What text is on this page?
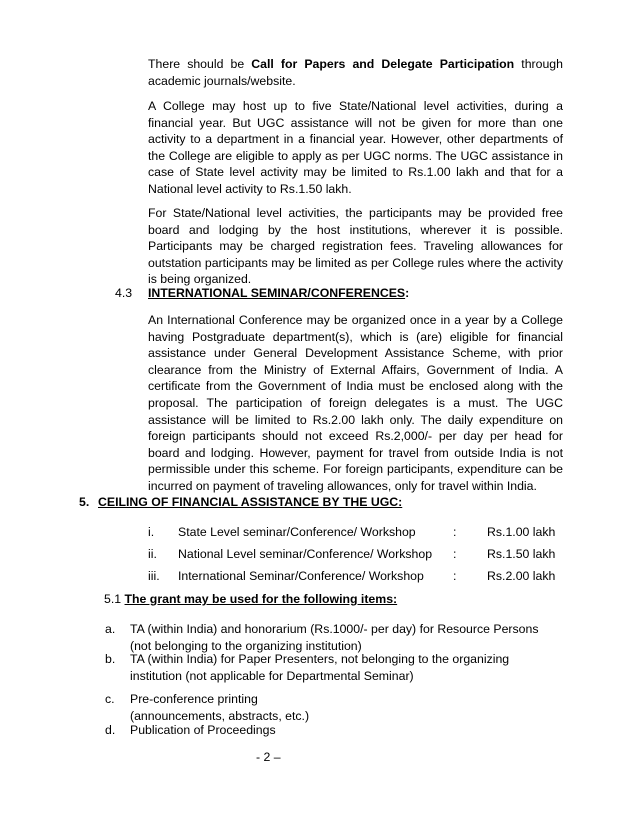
There should be Call for Papers and Delegate Participation through academic journals/website.

A College may host up to five State/National level activities, during a financial year. But UGC assistance will not be given for more than one activity to a department in a financial year. However, other departments of the College are eligible to apply as per UGC norms. The UGC assistance in case of State level activity may be limited to Rs.1.00 lakh and that for a National level activity to Rs.1.50 lakh.

For State/National level activities, the participants may be provided free board and lodging by the host institutions, wherever it is possible. Participants may be charged registration fees. Traveling allowances for outstation participants may be limited as per College rules where the activity is being organized.

4.3 INTERNATIONAL SEMINAR/CONFERENCES:

An International Conference may be organized once in a year by a College having Postgraduate department(s), which is (are) eligible for financial assistance under General Development Assistance Scheme, with prior clearance from the Ministry of External Affairs, Government of India. A certificate from the Government of India must be enclosed along with the proposal. The participation of foreign delegates is a must. The UGC assistance will be limited to Rs.2.00 lakh only. The daily expenditure on foreign participants should not exceed Rs.2,000/- per day per head for board and lodging. However, payment for travel from outside India is not permissible under this scheme. For foreign participants, expenditure can be incurred on payment of traveling allowances, only for travel within India.

5. CEILING OF FINANCIAL ASSISTANCE BY THE UGC:
i. State Level seminar/Conference/ Workshop	: Rs.1.00 lakh
ii. National Level seminar/Conference/ Workshop : Rs.1.50 lakh
iii. International Seminar/Conference/ Workshop : Rs.2.00 lakh
5.1 The grant may be used for the following items:
a. TA (within India) and honorarium (Rs.1000/- per day) for Resource Persons
(not belonging to the organizing institution)
b. TA (within India) for Paper Presenters, not belonging to the organizing
institution (not applicable for Departmental Seminar)
c. Pre-conference printing
(announcements, abstracts, etc.)
d. Publication of Proceedings
- 2 –
